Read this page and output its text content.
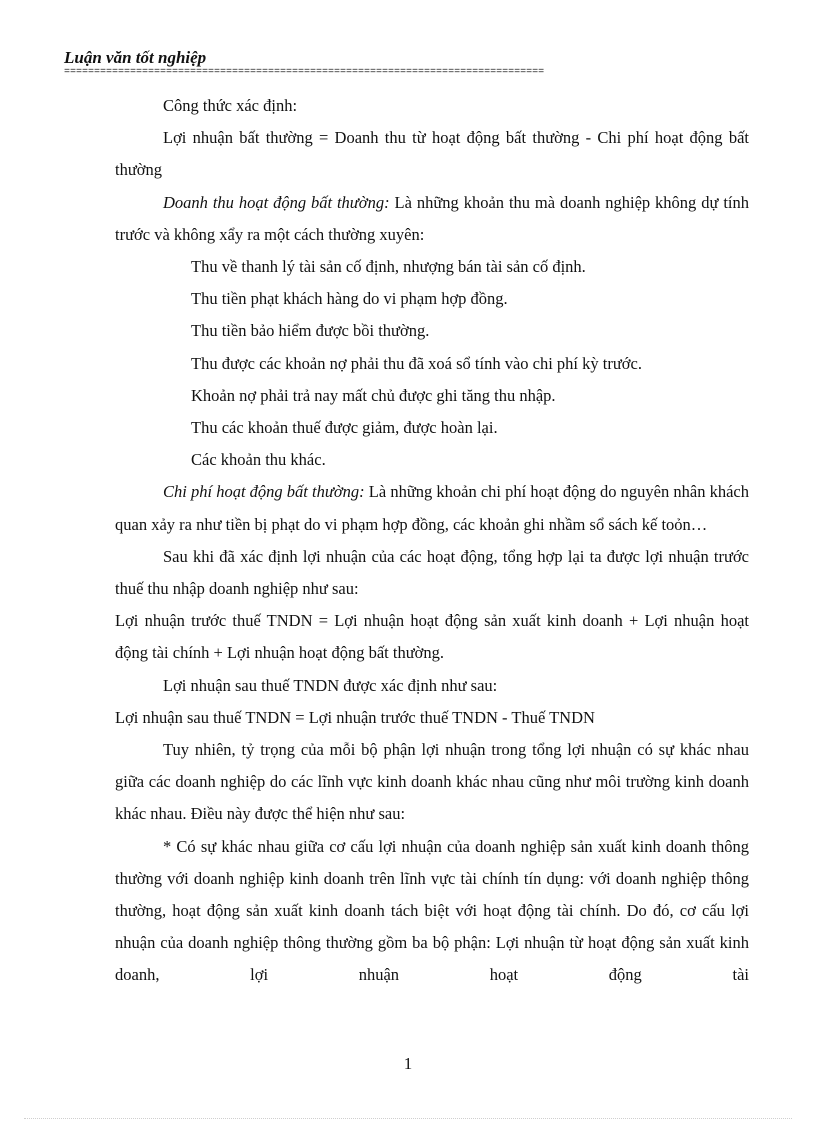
Luận văn tốt nghiệp
================================================================================

Công thức xác định:

Lợi nhuận bất thường = Doanh thu từ hoạt động bất thường - Chi phí hoạt động bất thường

Doanh thu hoạt động bất thường: Là những khoản thu mà doanh nghiệp không dự tính trước và không xẩy ra một cách thường xuyên:

Thu về thanh lý tài sản cố định, nhượng bán tài sản cố định.

Thu tiền phạt khách hàng do vi phạm hợp đồng.

Thu tiền bảo hiểm được bồi thường.

Thu được các khoản nợ phải thu đã xoá sổ tính vào chi phí kỳ trước.

Khoản nợ phải trả nay mất chủ được ghi tăng thu nhập.

Thu các khoản thuế được giảm, được hoàn lại.

Các khoản thu khác.

Chi phí hoạt động bất thường: Là những khoản chi phí hoạt động do nguyên nhân khách quan xảy ra như tiền bị phạt do vi phạm hợp đồng, các khoản ghi nhầm sổ sách kế toỏn…

Sau khi đã xác định lợi nhuận của các hoạt động, tổng hợp lại ta được lợi nhuận trước thuế thu nhập doanh nghiệp như sau:

Lợi nhuận trước thuế TNDN = Lợi nhuận hoạt động sản xuất kinh doanh + Lợi nhuận hoạt động tài chính + Lợi nhuận hoạt động bất thường.

Lợi nhuận sau thuế TNDN được xác định như sau:

Lợi nhuận sau thuế TNDN = Lợi nhuận trước thuế TNDN - Thuế TNDN

Tuy nhiên, tỷ trọng của mỗi bộ phận lợi nhuận trong tổng lợi nhuận có sự khác nhau giữa các doanh nghiệp do các lĩnh vực kinh doanh khác nhau cũng như môi trường kinh doanh khác nhau. Điều này được thể hiện như sau:

* Có sự khác nhau giữa cơ cấu lợi nhuận của doanh nghiệp sản xuất kinh doanh thông thường với doanh nghiệp kinh doanh trên lĩnh vực tài chính tín dụng: với doanh nghiệp thông thường, hoạt động sản xuất kinh doanh tách biệt với hoạt động tài chính. Do đó, cơ cấu lợi nhuận của doanh nghiệp thông thường gồm ba bộ phận: Lợi nhuận từ hoạt động sản xuất kinh doanh, lợi nhuận hoạt động tài

1
